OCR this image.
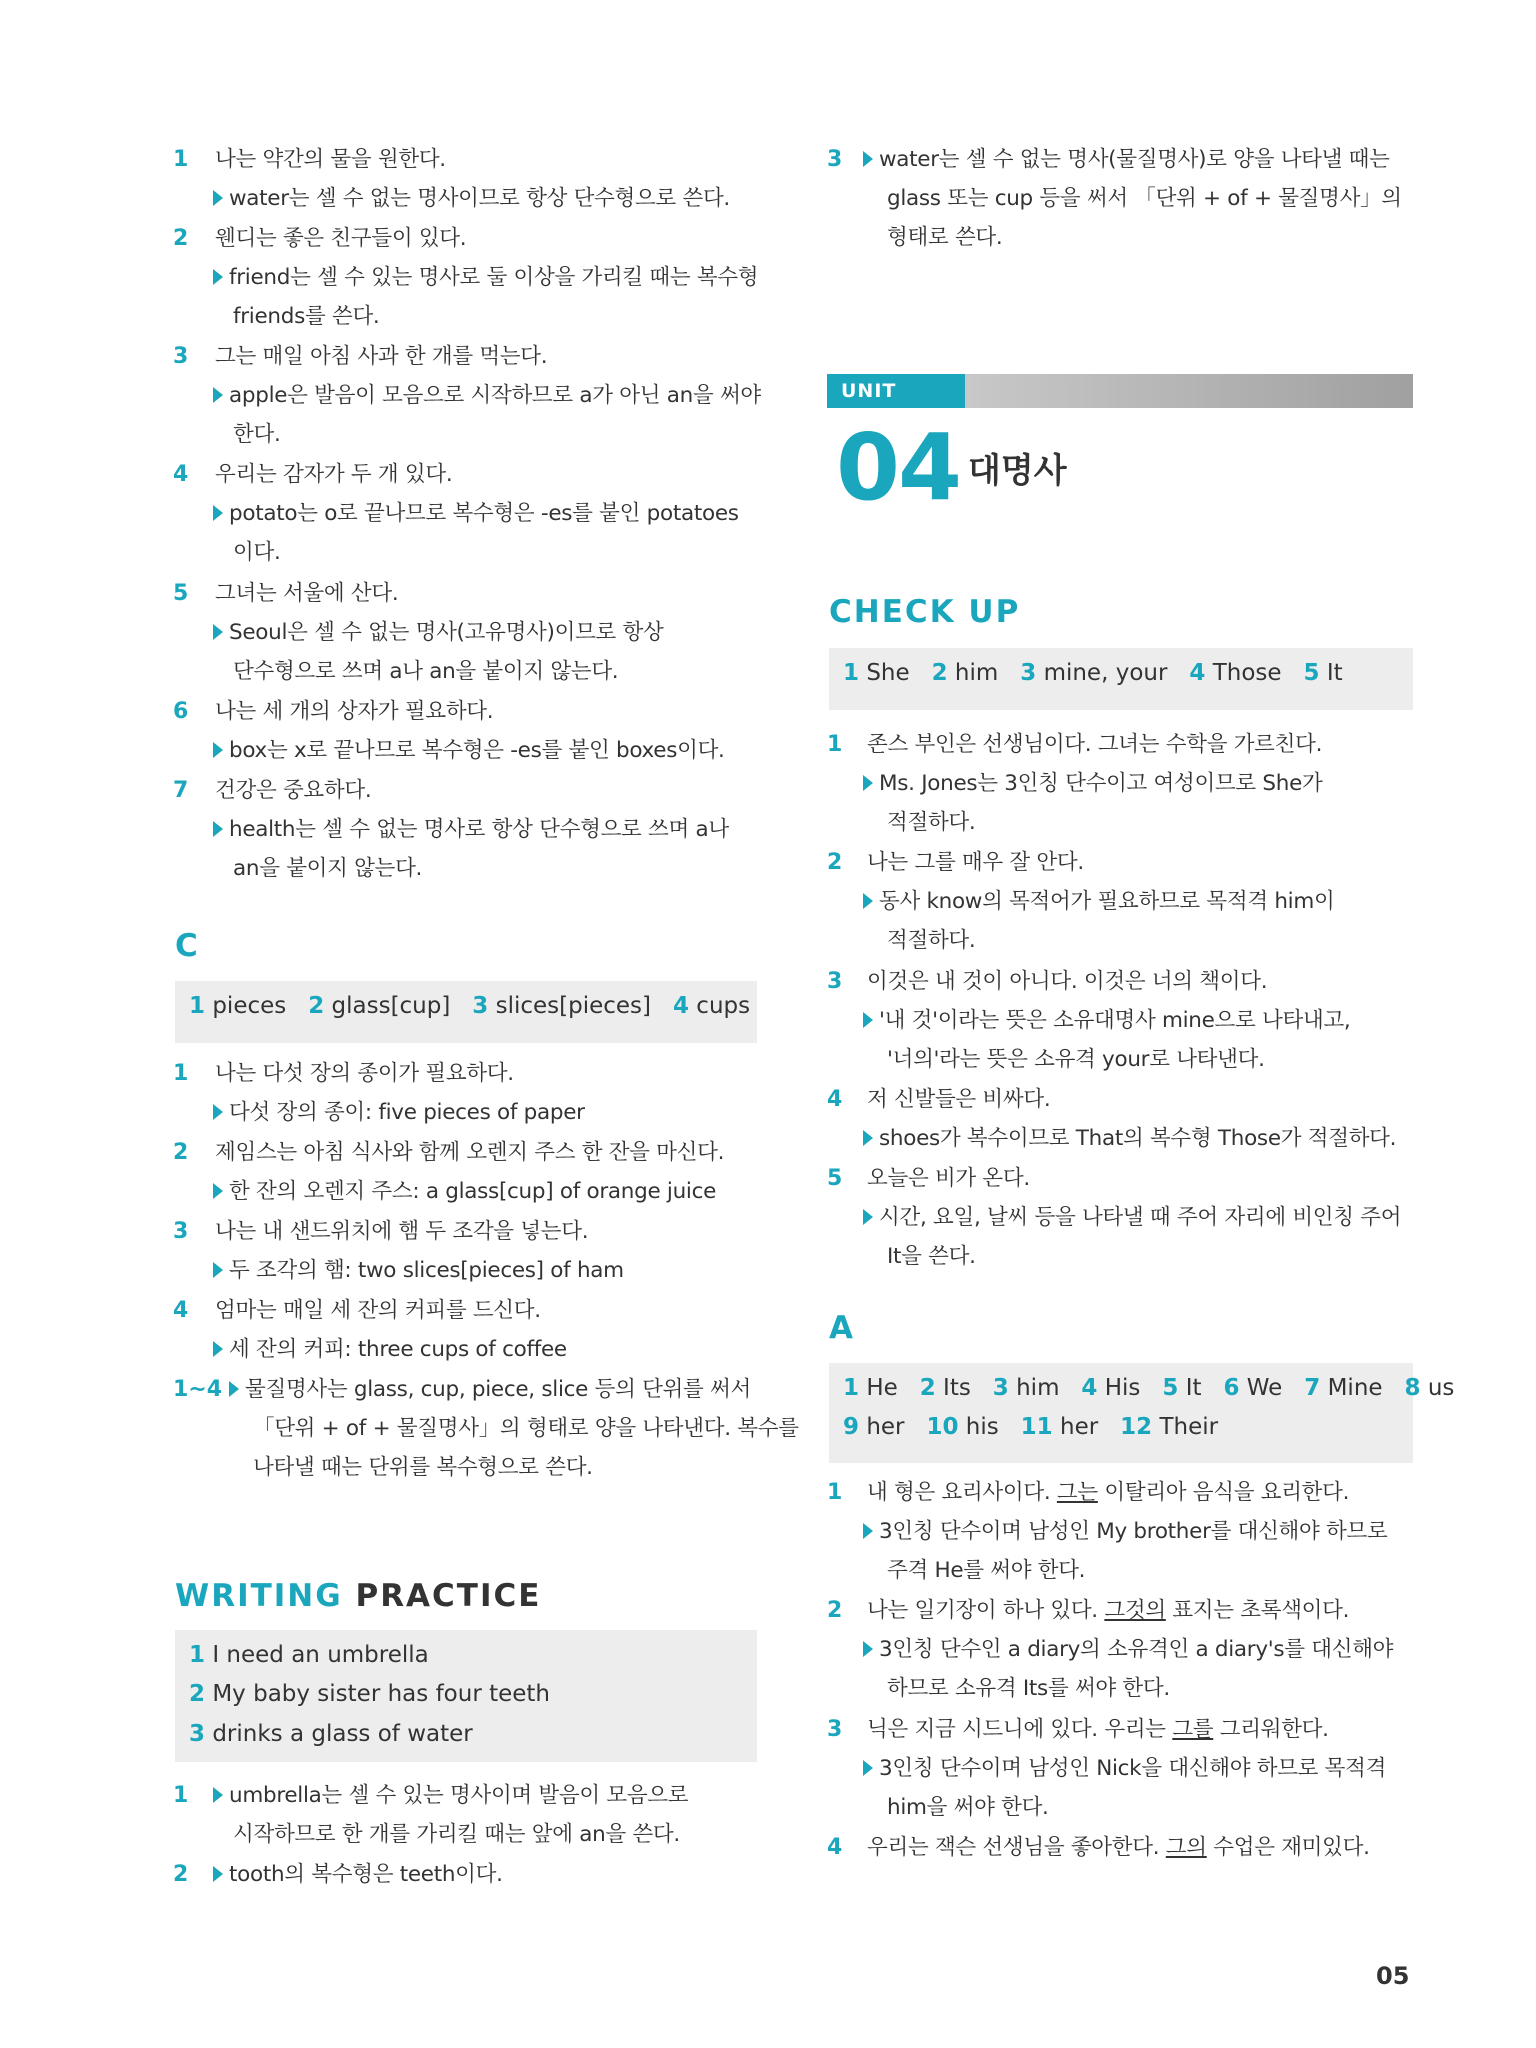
1 나는 약간의 물을 원한다.
water는 셀 수 없는 명사이므로 항상 단수형으로 쓴다.
2 웬디는 좋은 친구들이 있다.
friend는 셀 수 있는 명사로 둘 이상을 가리킬 때는 복수형
friends를 쓴다.
3 그는 매일 아침 사과 한 개를 먹는다.
apple은 발음이 모음으로 시작하므로 a가 아닌 an을 써야
한다.
4 우리는 감자가 두 개 있다.
potato는 o로 끝나므로 복수형은 -es를 붙인 potatoes
이다.
5 그녀는 서울에 산다.
Seoul은 셀 수 없는 명사(고유명사)이므로 항상
단수형으로 쓰며 a나 an을 붙이지 않는다.
6 나는 세 개의 상자가 필요하다.
box는 x로 끝나므로 복수형은 -es를 붙인 boxes이다.
7 건강은 중요하다.
health는 셀 수 없는 명사로 항상 단수형으로 쓰며 a나
an을 붙이지 않는다.
C
1 pieces 2 glass[cup] 3 slices[pieces] 4 cups
1 나는 다섯 장의 종이가 필요하다.
다섯 장의 종이: five pieces of paper
2 제임스는 아침 식사와 함께 오렌지 주스 한 잔을 마신다.
한 잔의 오렌지 주스: a glass[cup] of orange juice
3 나는 내 샌드위치에 햄 두 조각을 넣는다.
두 조각의 햄: two slices[pieces] of ham
4 엄마는 매일 세 잔의 커피를 드신다.
세 잔의 커피: three cups of coffee
1~4	물질명사는 glass, cup, piece, slice 등의 단위를 써서
「단위 + of + 물질명사」의 형태로 양을 나타낸다. 복수를
나타낼 때는 단위를 복수형으로 쓴다.
WRITING PRACTICE
1 I need an umbrella
2 My baby sister has four teeth
3 drinks a glass of water
1	umbrella는 셀 수 있는 명사이며 발음이 모음으로
시작하므로 한 개를 가리킬 때는 앞에 an을 쓴다.
2	tooth의 복수형은 teeth이다.
3	water는 셀 수 없는 명사(물질명사)로 양을 나타낼 때는
glass 또는 cup 등을 써서 「단위 + of + 물질명사」의
형태로 쓴다.
UNIT
04 대명사
CHECK UP
1 She 2 him 3 mine, your 4 Those 5 It
1 존스 부인은 선생님이다. 그녀는 수학을 가르친다.
Ms. Jones는 3인칭 단수이고 여성이므로 She가
적절하다.
2 나는 그를 매우 잘 안다.
동사 know의 목적어가 필요하므로 목적격 him이
적절하다.
3 이것은 내 것이 아니다. 이것은 너의 책이다.
'내 것'이라는 뜻은 소유대명사 mine으로 나타내고,
'너의'라는 뜻은 소유격 your로 나타낸다.
4 저 신발들은 비싸다.
shoes가 복수이므로 That의 복수형 Those가 적절하다.
5 오늘은 비가 온다.
시간, 요일, 날씨 등을 나타낼 때 주어 자리에 비인칭 주어
It을 쓴다.
A
1 He 2 Its 3 him 4 His 5 It 6 We 7 Mine 8 us
9 her 10 his 11 her 12 Their
1 내 형은 요리사이다. 그는 이탈리아 음식을 요리한다.
3인칭 단수이며 남성인 My brother를 대신해야 하므로
주격 He를 써야 한다.
2 나는 일기장이 하나 있다. 그것의 표지는 초록색이다.
3인칭 단수인 a diary의 소유격인 a diary's를 대신해야
하므로 소유격 Its를 써야 한다.
3 닉은 지금 시드니에 있다. 우리는 그를 그리워한다.
3인칭 단수이며 남성인 Nick을 대신해야 하므로 목적격
him을 써야 한다.
4 우리는 잭슨 선생님을 좋아한다. 그의 수업은 재미있다.
05
